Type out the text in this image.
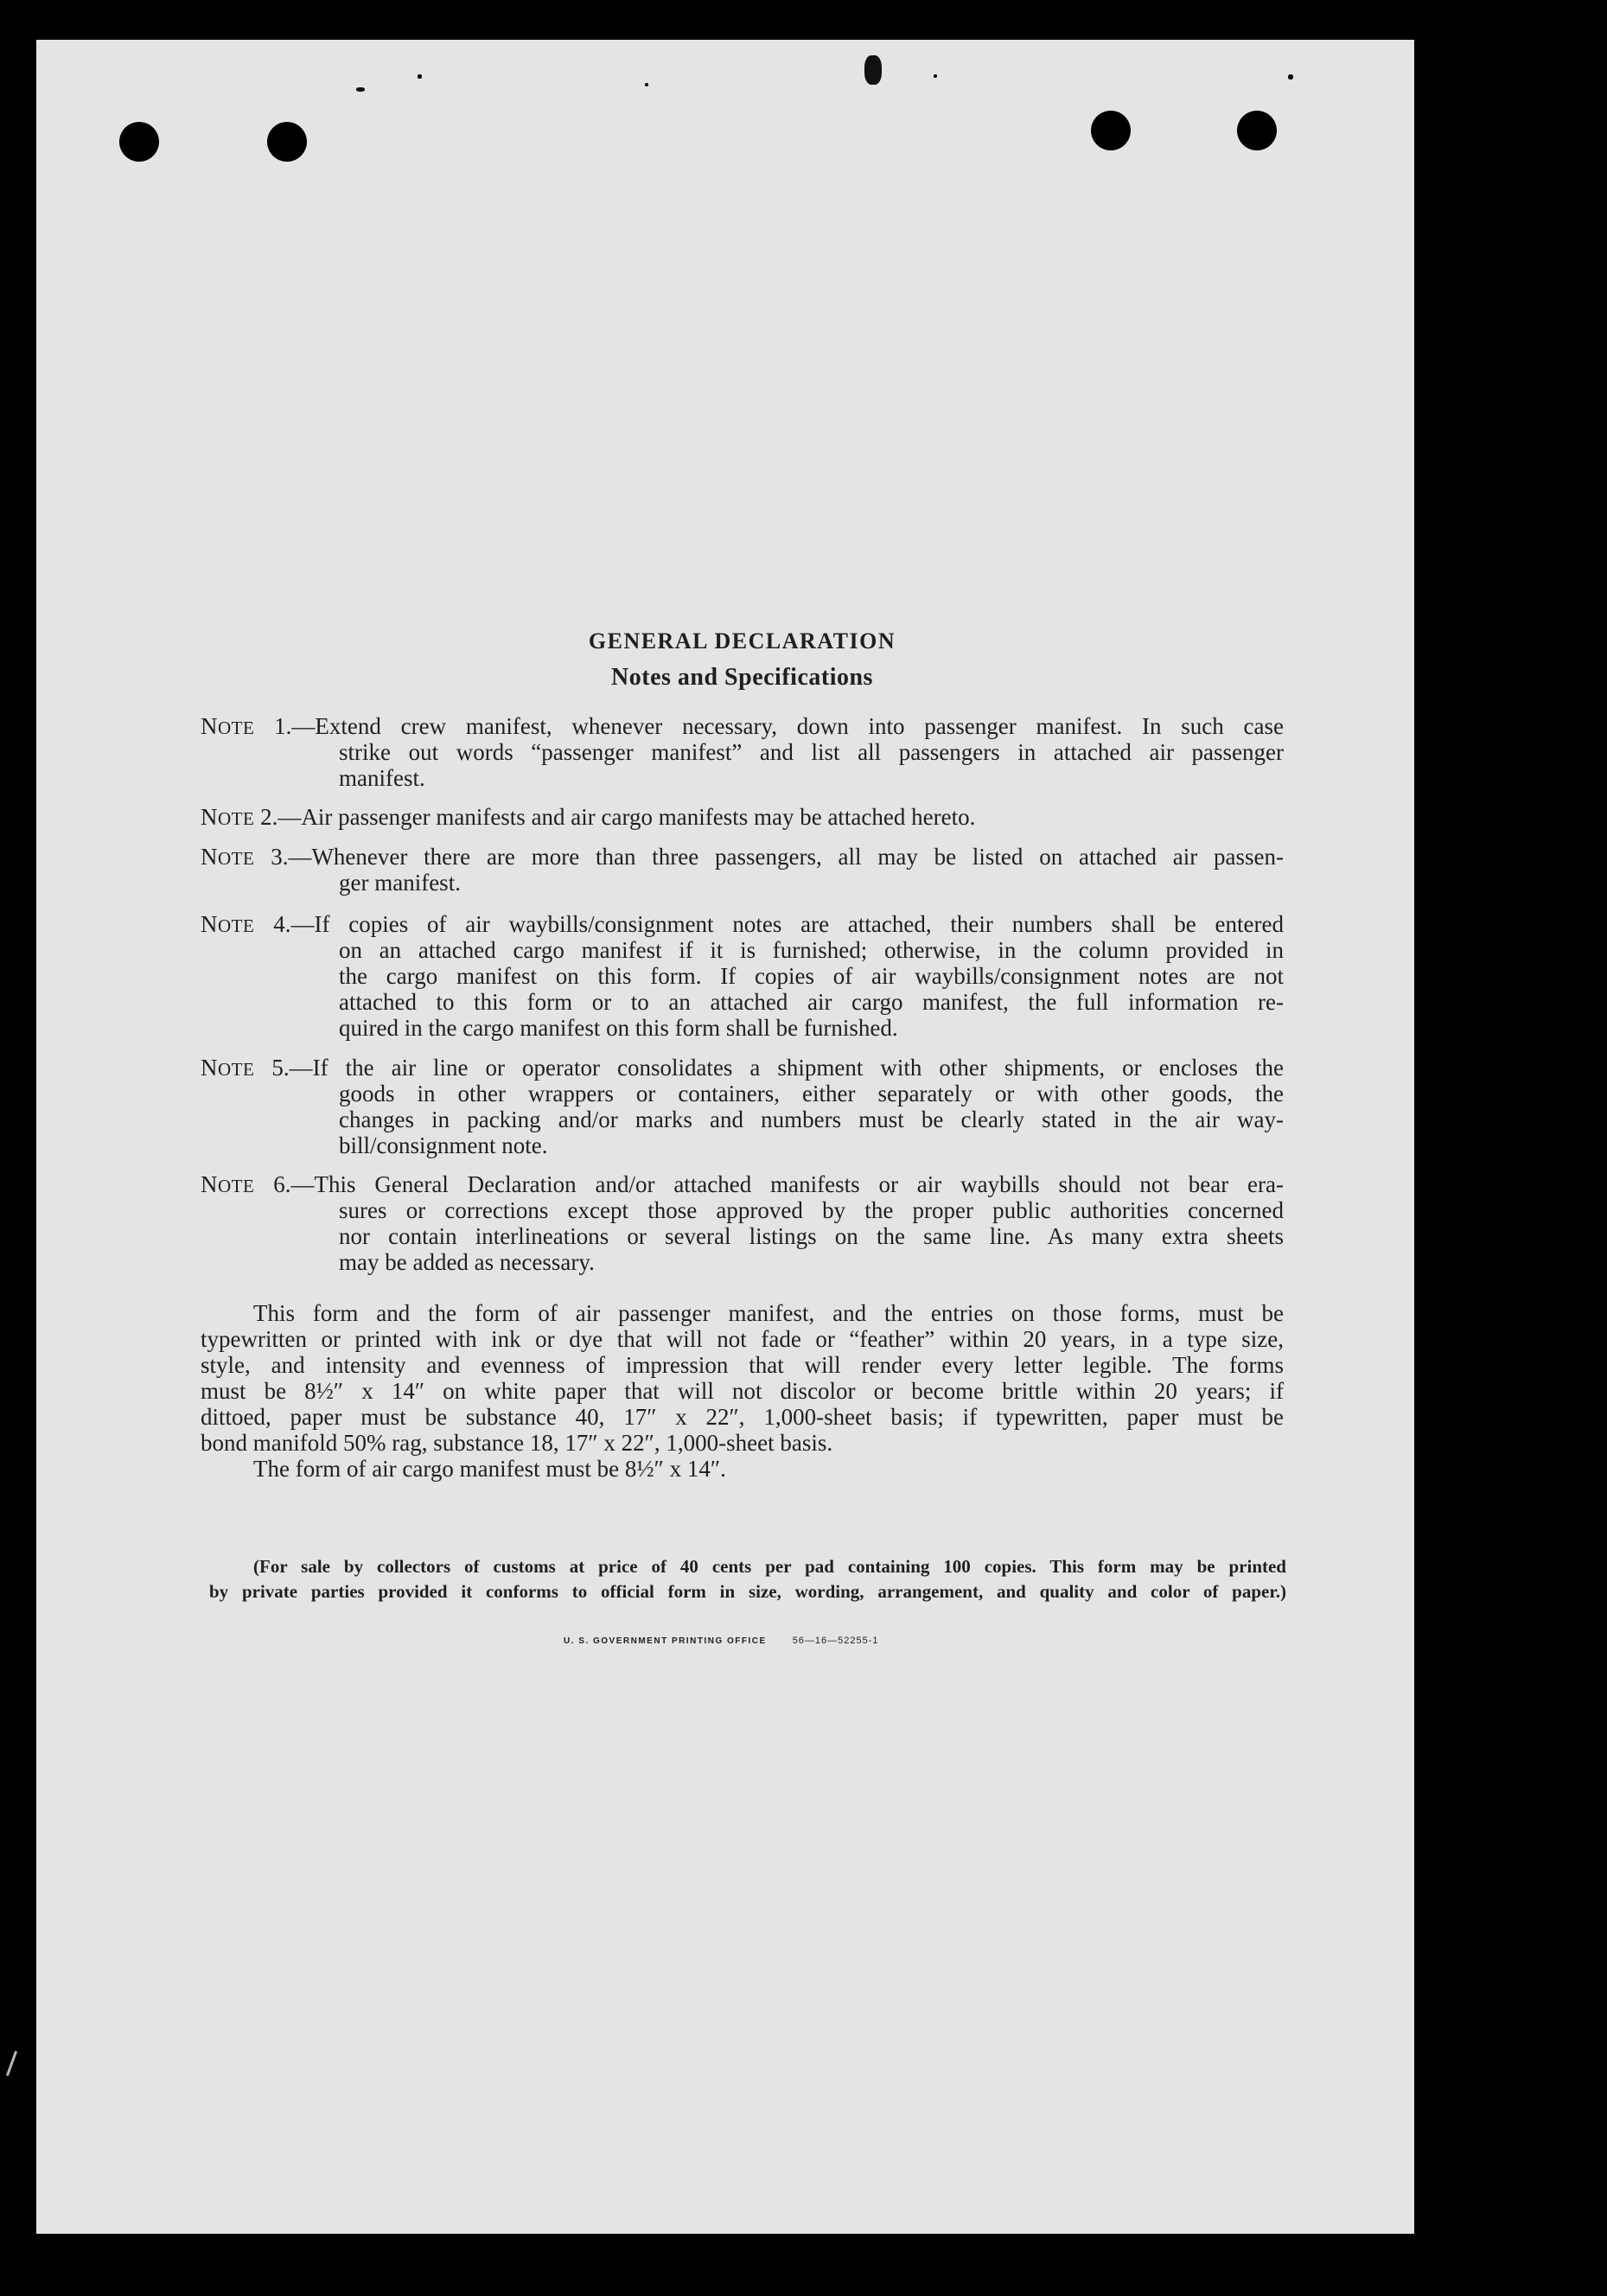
GENERAL DECLARATION
Notes and Specifications
NOTE 1.—Extend crew manifest, whenever necessary, down into passenger manifest. In such case
strike out words “passenger manifest” and list all passengers in attached air passenger
manifest.
NOTE 2.—Air passenger manifests and air cargo manifests may be attached hereto.
NOTE 3.—Whenever there are more than three passengers, all may be listed on attached air passen-
ger manifest.
NOTE 4.—If copies of air waybills/consignment notes are attached, their numbers shall be entered
on an attached cargo manifest if it is furnished; otherwise, in the column provided in
the cargo manifest on this form. If copies of air waybills/consignment notes are not
attached to this form or to an attached air cargo manifest, the full information re-
quired in the cargo manifest on this form shall be furnished.
NOTE 5.—If the air line or operator consolidates a shipment with other shipments, or encloses the
goods in other wrappers or containers, either separately or with other goods, the
changes in packing and/or marks and numbers must be clearly stated in the air way-
bill/consignment note.
NOTE 6.—This General Declaration and/or attached manifests or air waybills should not bear era-
sures or corrections except those approved by the proper public authorities concerned
nor contain interlineations or several listings on the same line. As many extra sheets
may be added as necessary.
This form and the form of air passenger manifest, and the entries on those forms, must be
typewritten or printed with ink or dye that will not fade or “feather” within 20 years, in a type size,
style, and intensity and evenness of impression that will render every letter legible. The forms
must be 8½″ x 14″ on white paper that will not discolor or become brittle within 20 years; if
dittoed, paper must be substance 40, 17″ x 22″, 1,000-sheet basis; if typewritten, paper must be
bond manifold 50% rag, substance 18, 17″ x 22″, 1,000-sheet basis.
The form of air cargo manifest must be 8½″ x 14″.
(For sale by collectors of customs at price of 40 cents per pad containing 100 copies. This form may be printed
by private parties provided it conforms to official form in size, wording, arrangement, and quality and color of paper.)
U. S. GOVERNMENT PRINTING OFFICE	56—16—52255-1
